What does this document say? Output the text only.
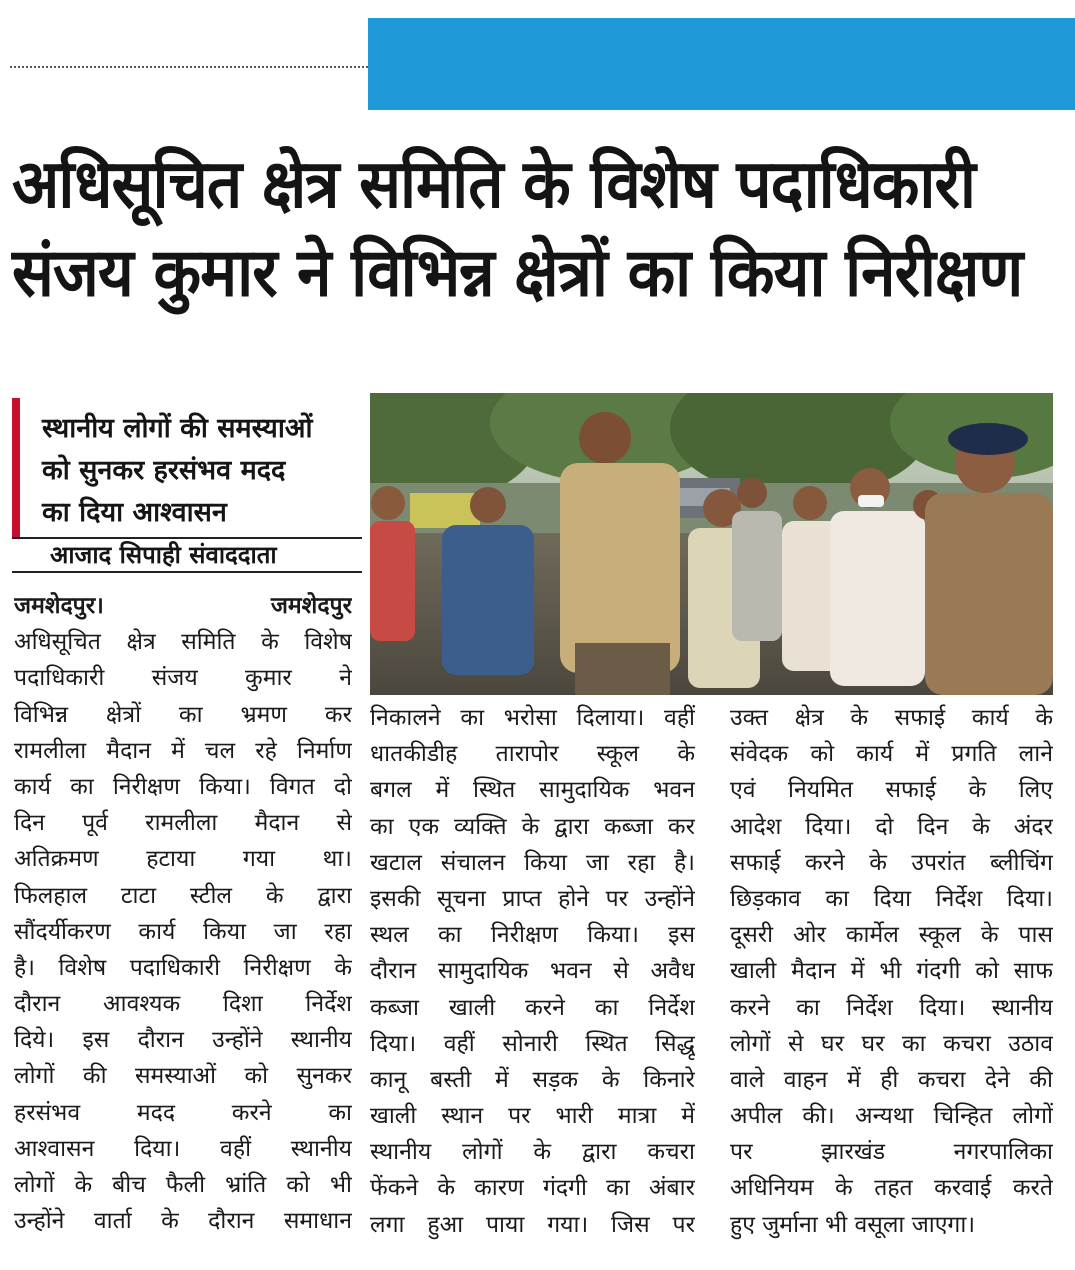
अधिसूचित क्षेत्र समिति के विशेष पदाधिकारी
संजय कुमार ने विभिन्न क्षेत्रों का किया निरीक्षण
स्थानीय लोगों की समस्याओं
को सुनकर हरसंभव मदद
का दिया आश्वासन
आजाद सिपाही संवाददाता
जमशेदपुर। जमशेदपुर
अधिसूचित क्षेत्र समिति के विशेष
पदाधिकारी संजय कुमार ने
विभिन्न क्षेत्रों का भ्रमण कर
रामलीला मैदान में चल रहे निर्माण
कार्य का निरीक्षण किया। विगत दो
दिन पूर्व रामलीला मैदान से
अतिक्रमण हटाया गया था।
फिलहाल टाटा स्टील के द्वारा
सौंदर्यीकरण कार्य किया जा रहा
है। विशेष पदाधिकारी निरीक्षण के
दौरान आवश्यक दिशा निर्देश
दिये। इस दौरान उन्होंने स्थानीय
लोगों की समस्याओं को सुनकर
हरसंभव मदद करने का
आश्वासन दिया। वहीं स्थानीय
लोगों के बीच फैली भ्रांति को भी
उन्होंने वार्ता के दौरान समाधान
निकालने का भरोसा दिलाया। वहीं
धातकीडीह तारापोर स्कूल के
बगल में स्थित सामुदायिक भवन
का एक व्यक्ति के द्वारा कब्जा कर
खटाल संचालन किया जा रहा है।
इसकी सूचना प्राप्त होने पर उन्होंने
स्थल का निरीक्षण किया। इस
दौरान सामुदायिक भवन से अवैध
कब्जा खाली करने का निर्देश
दिया। वहीं सोनारी स्थित सिद्धू
कानू बस्ती में सड़क के किनारे
खाली स्थान पर भारी मात्रा में
स्थानीय लोगों के द्वारा कचरा
फेंकने के कारण गंदगी का अंबार
लगा हुआ पाया गया। जिस पर
उक्त क्षेत्र के सफाई कार्य के
संवेदक को कार्य में प्रगति लाने
एवं नियमित सफाई के लिए
आदेश दिया। दो दिन के अंदर
सफाई करने के उपरांत ब्लीचिंग
छिड़काव का दिया निर्देश दिया।
दूसरी ओर कार्मेल स्कूल के पास
खाली मैदान में भी गंदगी को साफ
करने का निर्देश दिया। स्थानीय
लोगों से घर घर का कचरा उठाव
वाले वाहन में ही कचरा देने की
अपील की। अन्यथा चिन्हित लोगों
पर झारखंड नगरपालिका
अधिनियम के तहत करवाई करते
हुए जुर्माना भी वसूला जाएगा।
